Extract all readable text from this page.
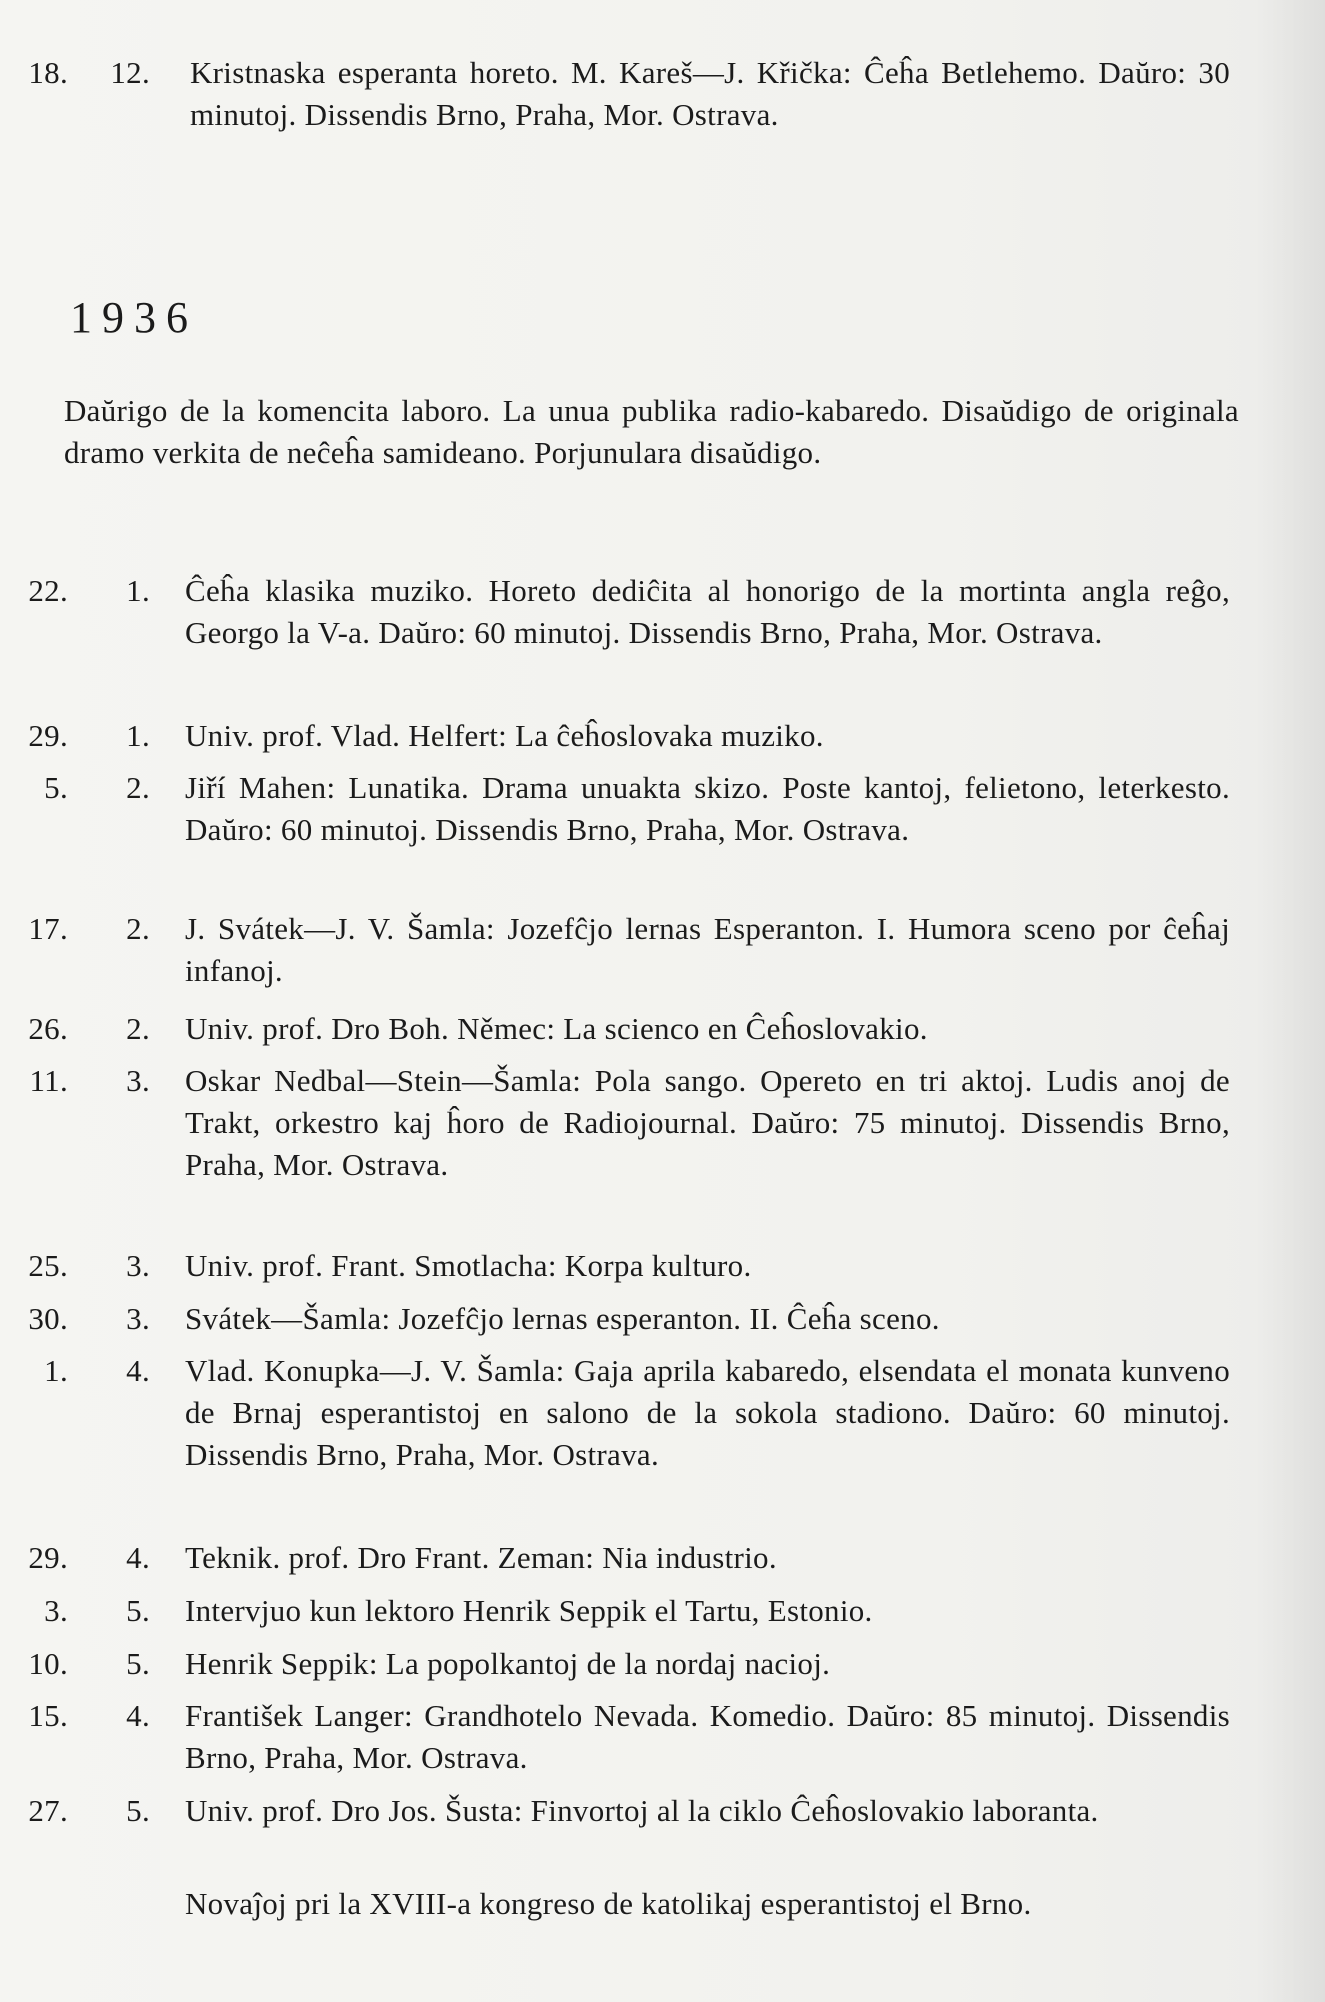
1936
Daŭrigo de la komencita laboro. La unua publika radio-kabaredo. Disaŭdigo de originala dramo verkita de neĉeĥa samideano. Porjunulara disaŭdigo.
18. 12. Kristnaska esperanta horeto. M. Kareš—J. Křička: Ĉeĥa Betlehemo. Daŭro: 30 minutoj. Dissendis Brno, Praha, Mor. Ostrava.
22.	1. Ĉeĥa klasika muziko. Horeto dediĉita al honorigo de la mortinta angla reĝo, Georgo la V-a. Daŭro: 60 minutoj. Dissendis Brno, Praha, Mor. Ostrava.
29.	1. Univ. prof. Vlad. Helfert: La ĉeĥoslovaka muziko.
5.	2. Jiří Mahen: Lunatika. Drama unuakta skizo. Poste kantoj, felietono, leterkesto. Daŭro: 60 minutoj. Dissendis Brno, Praha, Mor. Ostrava.
17.	2. J. Svátek—J. V. Šamla: Jozefĉjo lernas Esperanton. I. Humora sceno por ĉeĥaj infanoj.
26.	2. Univ. prof. Dro Boh. Němec: La scienco en Ĉeĥoslovakio.
11.	3. Oskar Nedbal—Stein—Šamla: Pola sango. Opereto en tri aktoj. Ludis anoj de Trakt, orkestro kaj ĥoro de Radiojournal. Daŭro: 75 minutoj. Dissendis Brno, Praha, Mor. Ostrava.
25.	3. Univ. prof. Frant. Smotlacha: Korpa kulturo.
30.	3. Svátek—Šamla: Jozefĉjo lernas esperanton. II. Ĉeĥa sceno.
1.	4. Vlad. Konupka—J. V. Šamla: Gaja aprila kabaredo, elsendata el monata kunveno de Brnaj esperantistoj en salono de la sokola stadiono. Daŭro: 60 minutoj. Dissendis Brno, Praha, Mor. Ostrava.
29.	4. Teknik. prof. Dro Frant. Zeman: Nia industrio.
3.	5. Intervjuo kun lektoro Henrik Seppik el Tartu, Estonio.
10.	5. Henrik Seppik: La popolkantoj de la nordaj nacioj.
15.	4. František Langer: Grandhotelo Nevada. Komedio. Daŭro: 85 minutoj. Dissendis Brno, Praha, Mor. Ostrava.
27.	5. Univ. prof. Dro Jos. Šusta: Finvortoj al la ciklo Ĉeĥoslovakio laboranta.
Novaĵoj pri la XVIII-a kongreso de katolikaj esperantistoj el Brno.
